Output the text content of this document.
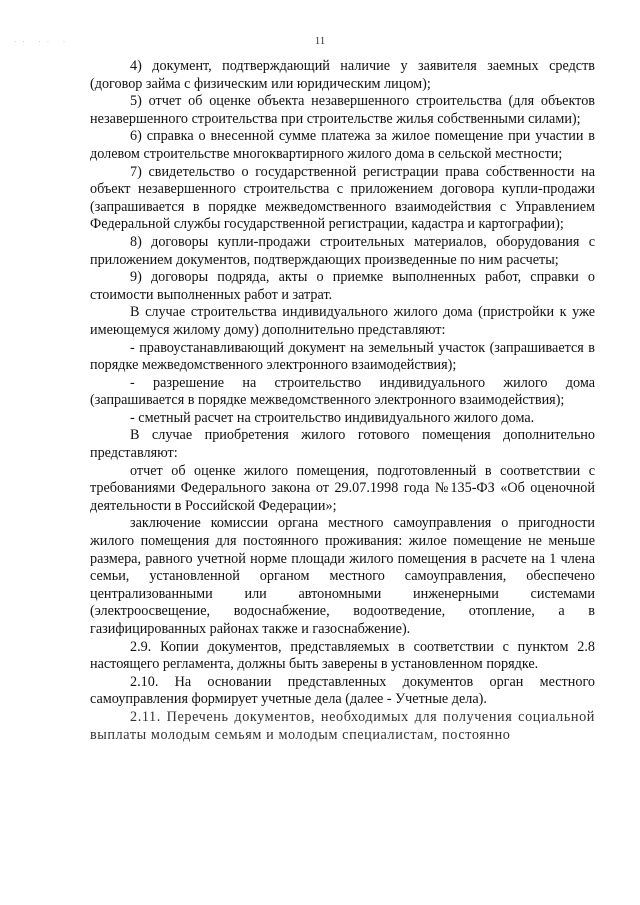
·· ·· ·	11

4) документ, подтверждающий наличие у заявителя заемных средств (договор займа с физическим или юридическим лицом);

5) отчет об оценке объекта незавершенного строительства (для объектов незавершенного строительства при строительстве жилья собственными силами);

6) справка о внесенной сумме платежа за жилое помещение при участии в долевом строительстве многоквартирного жилого дома в сельской местности;

7) свидетельство о государственной регистрации права собственности на объект незавершенного строительства с приложением договора купли-продажи (запрашивается в порядке межведомственного взаимодействия с Управлением Федеральной службы государственной регистрации, кадастра и картографии);

8) договоры купли-продажи строительных материалов, оборудования с приложением документов, подтверждающих произведенные по ним расчеты;

9) договоры подряда, акты о приемке выполненных работ, справки о стоимости выполненных работ и затрат.

В случае строительства индивидуального жилого дома (пристройки к уже имеющемуся жилому дому) дополнительно представляют:

- правоустанавливающий документ на земельный участок (запрашивается в порядке межведомственного электронного взаимодействия);

- разрешение на строительство индивидуального жилого дома (запрашивается в порядке межведомственного электронного взаимодействия);

- сметный расчет на строительство индивидуального жилого дома.

В случае приобретения жилого готового помещения дополнительно представляют:

отчет об оценке жилого помещения, подготовленный в соответствии с требованиями Федерального закона от 29.07.1998 года №135-ФЗ «Об оценочной деятельности в Российской Федерации»;

заключение комиссии органа местного самоуправления о пригодности жилого помещения для постоянного проживания: жилое помещение не меньше размера, равного учетной норме площади жилого помещения в расчете на 1 члена семьи, установленной органом местного самоуправления, обеспечено централизованными или автономными инженерными системами (электроосвещение, водоснабжение, водоотведение, отопление, а в газифицированных районах также и газоснабжение).

2.9. Копии документов, представляемых в соответствии с пунктом 2.8 настоящего регламента, должны быть заверены в установленном порядке.

2.10. На основании представленных документов орган местного самоуправления формирует учетные дела (далее - Учетные дела).

2.11. Перечень документов, необходимых для получения социальной выплаты молодым семьям и молодым специалистам, постоянно
